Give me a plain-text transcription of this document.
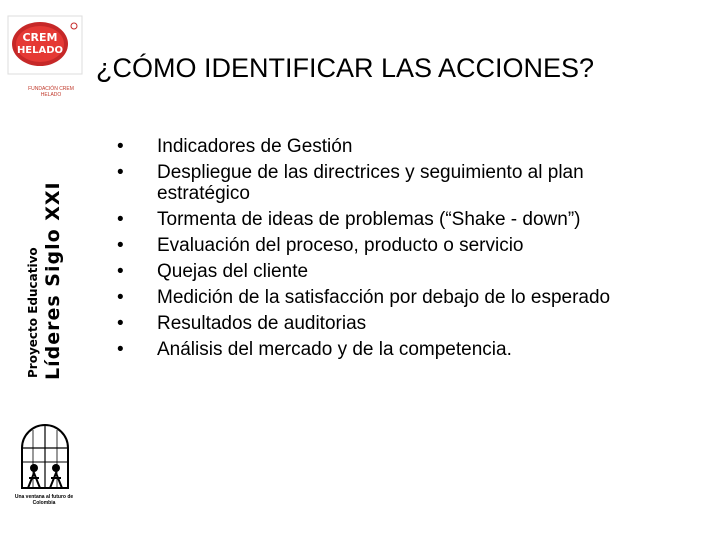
CREM
HELADO
FUNDACIÓN CREM HELADO
¿CÓMO IDENTIFICAR LAS ACCIONES?
Proyecto Educativo Líderes Siglo XXI
Una ventana al futuro de Colombia
• Indicadores de Gestión
• Despliegue de las directrices y seguimiento al plan estratégico
• Tormenta de ideas de problemas (“Shake - down”)
• Evaluación del proceso, producto o servicio
• Quejas del cliente
• Medición de la satisfacción por debajo de lo esperado
• Resultados de auditorias
• Análisis del mercado y de la competencia.
